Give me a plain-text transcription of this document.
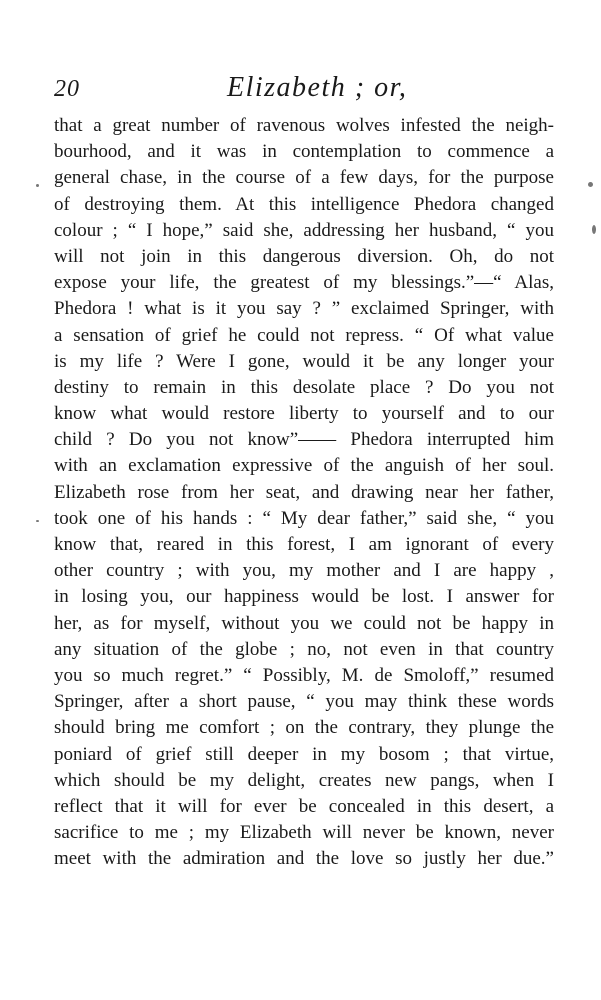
20	Elizabeth ; or,
that a great number of ravenous wolves infested the neigh-
bourhood, and it was in contemplation to commence a
general chase, in the course of a few days, for the purpose
of destroying them. At this intelligence Phedora changed
colour ; “ I hope,” said she, addressing her husband, “ you
will not join in this dangerous diversion. Oh, do not
expose your life, the greatest of my blessings.”—“ Alas,
Phedora ! what is it you say ? ” exclaimed Springer, with
a sensation of grief he could not repress. “ Of what value
is my life ? Were I gone, would it be any longer your
destiny to remain in this desolate place ? Do you not
know what would restore liberty to yourself and to our
child ? Do you not know”—— Phedora interrupted him
with an exclamation expressive of the anguish of her soul.
Elizabeth rose from her seat, and drawing near her father,
took one of his hands : “ My dear father,” said she, “ you
know that, reared in this forest, I am ignorant of every
other country ; with you, my mother and I are happy ,
in losing you, our happiness would be lost. I answer for
her, as for myself, without you we could not be happy in
any situation of the globe ; no, not even in that country
you so much regret.” “ Possibly, M. de Smoloff,” resumed
Springer, after a short pause, “ you may think these words
should bring me comfort ; on the contrary, they plunge the
poniard of grief still deeper in my bosom ; that virtue,
which should be my delight, creates new pangs, when I
reflect that it will for ever be concealed in this desert, a
sacrifice to me ; my Elizabeth will never be known, never
meet with the admiration and the love so justly her due.”
